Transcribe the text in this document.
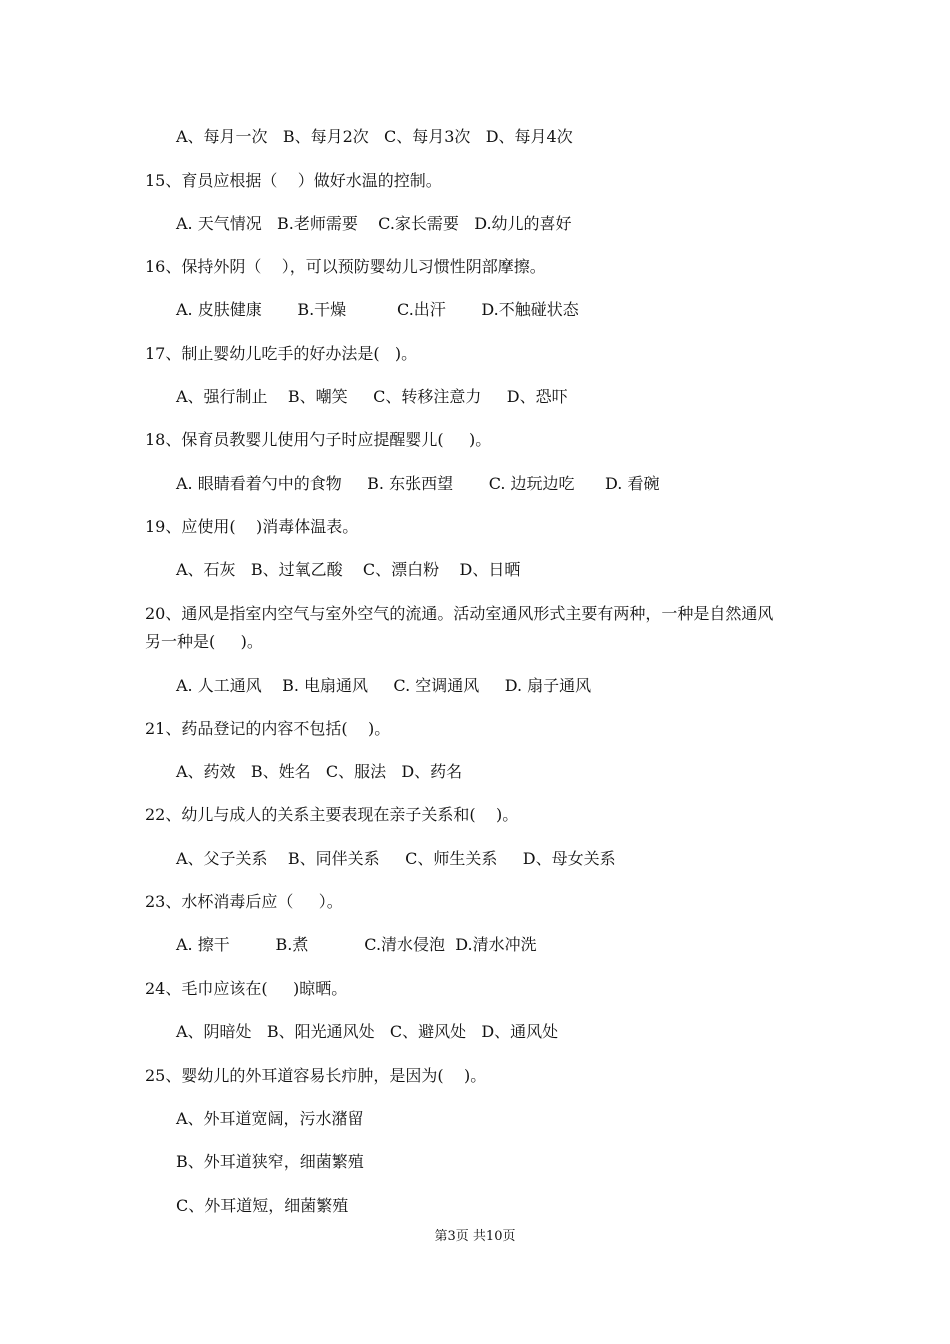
A、每月一次   B、每月2次   C、每月3次   D、每月4次
15、育员应根据（    ）做好水温的控制。
A. 天气情况   B.老师需要    C.家长需要   D.幼儿的喜好
16、保持外阴（    ），可以预防婴幼儿习惯性阴部摩擦。
A. 皮肤健康       B.干燥          C.出汗       D.不触碰状态
17、制止婴幼儿吃手的好办法是(   )。
A、强行制止    B、嘲笑     C、转移注意力     D、恐吓
18、保育员教婴儿使用勺子时应提醒婴儿(     )。
A. 眼睛看着勺中的食物     B. 东张西望       C. 边玩边吃      D. 看碗
19、应使用(    )消毒体温表。
A、石灰   B、过氧乙酸    C、漂白粉    D、日晒
20、通风是指室内空气与室外空气的流通。活动室通风形式主要有两种，一种是自然通风
另一种是(     )。
A. 人工通风    B. 电扇通风     C. 空调通风     D. 扇子通风
21、药品登记的内容不包括(    )。
A、药效   B、姓名   C、服法   D、药名
22、幼儿与成人的关系主要表现在亲子关系和(    )。
A、父子关系    B、同伴关系     C、师生关系     D、母女关系
23、水杯消毒后应（     ）。
A. 擦干         B.煮           C.清水侵泡  D.清水冲洗
24、毛巾应该在(     )晾晒。
A、阴暗处   B、阳光通风处   C、避风处   D、通风处
25、婴幼儿的外耳道容易长疖肿，是因为(    )。
A、外耳道宽阔，污水潴留
B、外耳道狭窄，细菌繁殖
C、外耳道短，细菌繁殖
第3页 共10页
